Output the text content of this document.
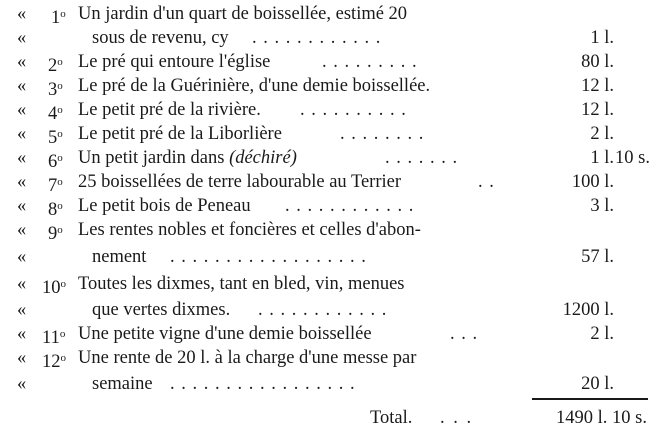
« 1$^o$ Un jardin d'un quart de boissellée, estimé 20
«	sous de revenu, cy . . . . . . . . . . . .	1 l.
« 2$^o$ Le pré qui entoure l'église	. . . . . . . . .	80 l.
« 3$^o$ Le pré de la Guérinière, d'une demie boissellée.	12 l.
« 4$^o$ Le petit pré de la rivière. . . . . . . . . . .	12 l.
« 5$^o$ Le petit pré de la Liborlière	. . . . . . . .	2 l.
« 6$^o$ Un petit jardin dans (déchiré)	. . . . . . .	1 l. 10 s.
« 7$^o$ 25 boissellées de terre labourable au Terrier	. .	100 l.
« 8$^o$ Le petit bois de Peneau . . . . . . . . . . . .	3 l.
« 9$^o$ Les rentes nobles et foncières et celles d'abon-
«	nement . . . . . . . . . . . . . . . . . .	57 l.
« 10$^o$ Toutes les dixmes, tant en bled, vin, menues
«	que vertes dixmes. . . . . . . . . . . . .	1200 l.
« 11$^o$ Une petite vigne d'une demie boissellée	. . .	2 l.
« 12$^o$ Une rente de 20 l. à la charge d'une messe par
«	semaine . . . . . . . . . . . . . . . . .	20 l.
Total. . . .	1490 l. 10 s.
